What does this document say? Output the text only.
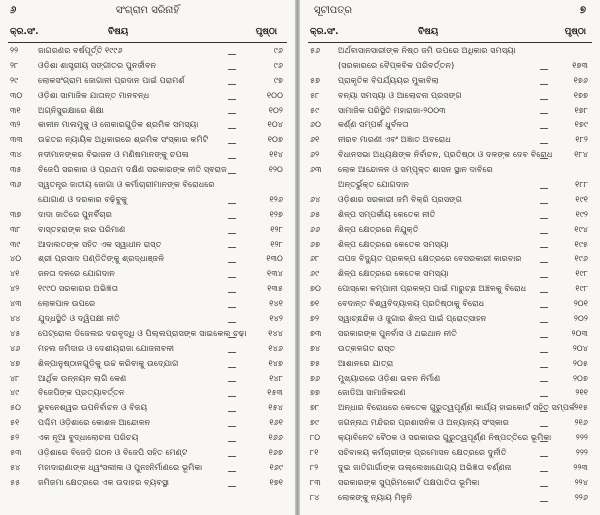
୬	ସଂଗ୍ରାମ ସରିନାହିଁ
କ୍ର.ସଂ.	ବିଷୟ	ପୃଷ୍ଠା
୨୨	ଜାଗରଣର ବର୍ଷପୂର୍ତ୍ତି ୧୯୯୬	୯୬
୨୮	ଓଡ଼ିଶା ଶାସ୍ତ୍ରୀୟ ସଙ୍ଗୀତର ପୁନର୍ଜୀବନ	୯୬
୨୯	ଲୋକସଂଗ୍ରାମ ଜୋଗାନୀ ପ୍ରଦାନ ପାଇଁ ପରାମର୍ଶ	୯୭
୩୦	ଓଡ଼ିଶା ସାମାଜିକ ଯାତାନ୍ତ ମାନବନ୍ଧ	୧୦୦
୩୧	ଅଗ୍ନିସୁରକ୍ଷାରେ ଶିକ୍ଷା	୧୦୨
୩୨	କାଳୀନ ମାଲମୁକୁ ଓ ନୋକାରଗୁଡ଼ିକ ଶ୍ରମିକ ସମସ୍ୟା	୧୦୪
୩୩	ଉଚ୍ଚତର ନ୍ୟାୟିକ ଅଧିକାରରେ ଶ୍ରମିକ ସଂସ୍କାର କମିଟି	୧୦୭
୩୪	ନଦୀମାନଙ୍କର ବିଭାଜନ ଓ ମଣିଷମାନଙ୍କୁ ଚପଳା	୧୧୪
୩୫	ବିଜେପି ସରକାର ଓ ପ୍ରଥମ ଦକ୍ଷିଣ ସରକାରଙ୍କ ନୀତି ସ୍ଵରାଜ	୧୨୦
୩୬	ସ୍ୱତନ୍ତ୍ର ଜାତୀୟ ଜୋଗା ଓ କର୍ମାଚାରୀମାନଙ୍କ ବିରୋଧରେ
ଯୋଗାଣ ଓ ଦରକାର ବଢ଼ିବୁକୁ	୧୨୬
୩୭	ଦାଦା ଜାତିରେ ପୁନର୍ବିଚାର	୧୨୭
୩୮	ବାସ୍ତହରାଙ୍କ ହାର ପରିମାଣ	୧୨୮
୩୯	ଆଦାଲତଙ୍କ ସହିତ ଏକ ସ୍ୱାଧୀନ ରାସ୍ତ	୧୨୮
୪୦	ଶ୍ରୀ ପ୍ରସାଦ ପଣ୍ଡିତିଙ୍କୁ ଶ୍ରଦ୍ଧାଞ୍ଜଳି	୧୩୦
୪୧	ଜନତା ଦଳରେ ଯୋଗଦାନ	୧୩୪
୪୨	୧୯୯୦ ସରକାରର ଅଭିଜ୍ଞତା	୧୩୫
୪୩	ଲୋକପାଳ ଉପରେ	୧୪୧
୪୪	ଯୁଦ୍ଧସ୍ଥିତି ଓ ଦ୍ୱିପକ୍ଷୀ ନୀତି	୧୪୨
୪୫	ପେଟ୍ରୋଲ ଡିଜେଲର ଦରବୃଦ୍ଧି ଓ ପିଲ୍ଲପ୍ରାସଙ୍କ ସାଇକେଲ ଚଢ଼ା	୧୪୪
୪୬	ମହଲ ଜମିଦାର ଓ ଦେଶୀୟରାଜା ଯୋଜନାବଳୀ	୧୪୬
୪୭	ଶିଳ୍ପାନୁଷ୍ଠାନଗୁଡ଼ିକୁ ଉଚ୍ଚ କରିବାକୁ ଉଦ୍ଯୋଗ	୧୪୭
୪୮	ଆର୍ଥିକ ଉନ୍ନୟନ ଲାଗି କେଣ	୧୪୮
୪୯	ବିଜେପିଙ୍କ ପ୍ରତ୍ୟାବର୍ତ୍ତନ	୧୫୩
୫୦	ଭୁବନେଶ୍ୱର ଉପନିର୍ବାଚନ ଓ ବିଜୟ	୧୫୪
୫୧	ପଶ୍ଚିମ ଓଡ଼ିଶାରେ କୋଶଳ ଆନ୍ଦୋଳନ	୧୬୧
୫୨	ଏକ ନୂଆ ବୁଦ୍ଧାଲୋଚନା ପରିଚୟ	୧୬୬
୫୩	ଓଡ଼ିଶାରେ ବିଜେଡ଼ି ଗଠନ ଓ ବିଜେପି ସହିତ ମେଣ୍ଟ	୧୬୭
୫୪	ମହାଦାରାଣାଙ୍କ ଧ୍ୱଂସଲୀଳା ଓ ପୁନଃନିର୍ମାଣରେ ଭୂମିକା	୧୬୯
୫୫	ଜମିଜମା କ୍ଷେତ୍ରରେ ଏକ ଉଦାହର ବ୍ୟବସ୍ଥା	୧୭୧
ସୂଚୀପତ୍ର	୭
କ୍ର.ସଂ.	ବିଷୟ	ପୃଷ୍ଠା
୫୬	ଅର୍ଥବାସାନସାରୀଙ୍କ ନିଷ୍ଠ ଜମି ଉପରେ ଅଧିକାର ସମସ୍ୟା
(ସରକାରରେ ବୈପ୍ଳବିକ ପରିବର୍ତ୍ତନ)	୧୭୩
୫୭	ପ୍ରାକୃତିକ ବିପର୍ଯ୍ୟୟର ମୁକାବିଲା	୧୭୬
୫୮	ବନ୍ୟା ସମସ୍ୟା ଓ ଆଲୋଚନା ପ୍ରସଙ୍ଗ	୧୭୭
୫୯	ସାମାଜିକ ପରିସ୍ଥିତି ମହାରାଜା-୨୦୦୩	୧୭୮
୬୦	କର୍ଣ୍ଣ ସମ୍ପର୍କ ଧୁର୍ବଳତା	୧୭୯
୬୧	ନୀରବ ମାରଣୀ ଏବଂ ଅଜ୍ଞାତ ଅବରୋଧ	୧୮୨
୬୨	ବିଧାନସଭା ଅଧ୍ୟକ୍ଷଙ୍କ ନିର୍ବାଚନ, ପ୍ରତିଷ୍ଠା ଓ ଦଳଙ୍କ ଦେବ ବିରୋଧ	୧୮୪
୬୩	ଲୋକ ଆନ୍ଦୋଳନ ଓ ସମ୍ପୃକ୍ତ ଶାସନ ସ୍ଥାନ ଦାବିରେ
ଅନ୍ତର୍ଭୁକ୍ତ ଯୋଗଦାନ	୧୮୮
୬୪	ଓଡ଼ିଶାର ସରକାରୀ ଜମି ବିକ୍ରି ପ୍ରସଙ୍ଗ	୧୯୧
୬୫	ଶିଳ୍ପ ସମ୍ପର୍କୀୟ କେତେକ ନୀତି	୧୯୨
୬୬	ଶିଳ୍ପ କ୍ଷେତ୍ରରେ ନିଯୁକ୍ତି	୧୯୪
୬୭	ଶିଳ୍ପ କ୍ଷେତ୍ରରେ କେତେକ ସମସ୍ୟା	୧୯୫
୬୮	ତାପଜ ବିଦ୍ୟୁତ ପ୍ରକଳ୍ପ କ୍ଷେତ୍ରରେ ବେସରକାରୀ କାରବାର	୧୯୬
୬୯	ଶିଳ୍ପ କ୍ଷେତ୍ରରେ କେତେକ ସମସ୍ୟା	୧୯୮
୭୦	ପୋସ୍କୋ କମ୍ପାନୀ ପ୍ରକଳ୍ପ ପାଇଁ ମାରୁଚ୍ଛ ଅଞ୍ଚଳକୁ ବିରୋଧ	୧୯୮
୭୧	ବେଦାନ୍ତ ବିଶ୍ୱବିଦ୍ୟାଳୟ ପ୍ରତିଷ୍ଠାକୁ ବିରୋଧ	୨୦୧
୭୨	ସ୍ୱାଚ୍ଛନ୍ଦିକ ଓ ଜୁଗାର ଶିଳ୍ପ ପାଇଁ ପ୍ରୋତ୍ସାହନ	୨୦୨
୭୩	ସରକାରଙ୍କ ପୁନର୍ବାସ ଓ ଥଇଥାନ ନୀତି	୨୦୩
୭୪	ଉତ୍କଳଗତ ରାସ୍ତ	୨୦୪
୭୫	ଆଶାନରେ ଯାତ୍ରା	୨୦୫
୭୬	ମୁଖ୍ୟାରରେ ଓଡ଼ିଶା ଭବନ ନିର୍ମାଣ	୨୦୭
୭୭	ଜୋଡିଆ ସାମାଜିକରଣ	୨୧୧
୭୮	ଅନ୍ଧାର ବିରୋଧରେ କେତେକ ଗୁରୁତ୍ୱପୂର୍ଣ୍ଣ କାର୍ଯ୍ୟ ହାଇକୋର୍ଟ ସହିତ ସମ୍ପର୍କ ୨୧୫
୭୯	ଜଗନ୍ନାଥ ମନ୍ଦିରର ପ୍ରଶାସନିକ ଓ ଅନ୍ୟାନ୍ୟ ସଂସ୍କାର	୨୧୬
୮୦	କ୍ୟାବିନେଟ ବୈଠକ ଓ ସରକାରର ଗୁରୁତ୍ୱପୂର୍ଣ୍ଣ ନିଷ୍ପତ୍ତିରେ ଭୂମିକା	୨୨୨
୮୧	ସଚିବାଳୟ କର୍ମଚାରୀଙ୍କ ପ୍ରମୋସନ କ୍ଷେତ୍ରରେ ଦୁର୍ନୀତି	୨୨୨
୮୨	ଦୁଇ ଜାତିଗାର୍ଗାଙ୍କ ଉଲ୍ଲେଖାଯୋଗ୍ୟ ଅଭିଜ୍ଞତା ବର୍ଣ୍ଣନା	୨୨୩
୮୩	ସରକାରଙ୍କ ସୁପ୍ରିମକୋର୍ଟ ପକ୍ଷପାତିତା ଭୂମିକା	୨୨୪
୮୪	ଲୋକଙ୍କୁ ନ୍ୟାୟ ମିଳୁନି	୨୨୬
